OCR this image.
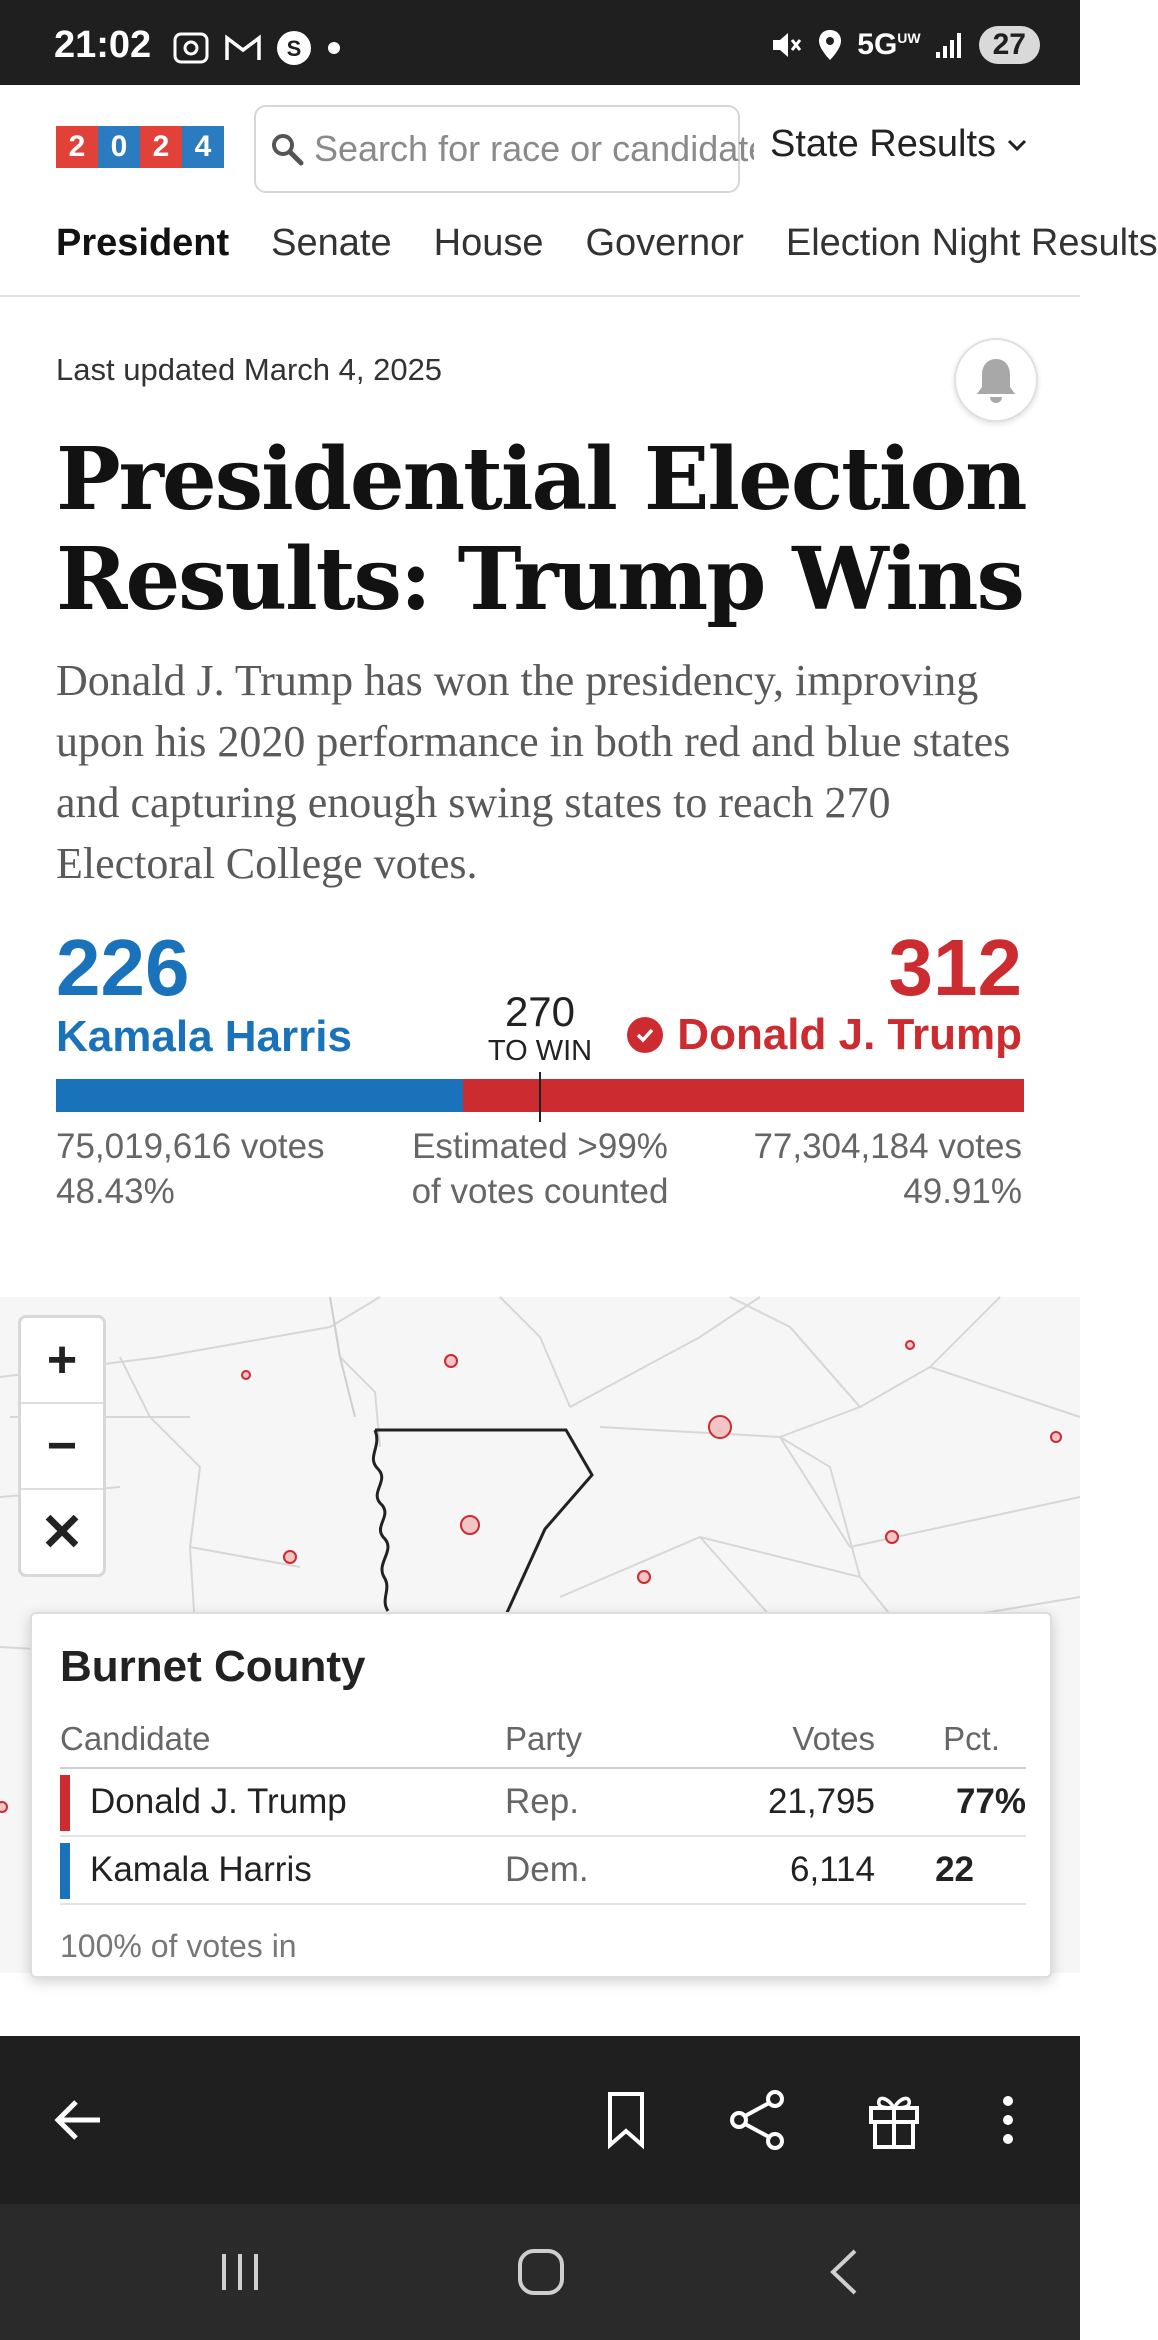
21:02	S	$5G^{UW}$	27
2 0 2 4
Search for race or candidate	State Results
President Senate House Governor Election Night Results
Last updated March 4, 2025
Presidential Election Results: Trump Wins

Donald J. Trump has won the presidency, improving upon his 2020 performance in both red and blue states and capturing enough swing states to reach 270 Electoral College votes.

226
Kamala Harris
312
Donald J. Trump
270
TO WIN
75,019,616 votes
48.43%
Estimated >99%
of votes counted
77,304,184 votes
49.91%
+
−
✕
Burnet County
Candidate	Party	Votes	Pct.

Donald J. Trump	Rep.	21,795	77%

Kamala Harris	Dem.	6,114	22
100% of votes in
